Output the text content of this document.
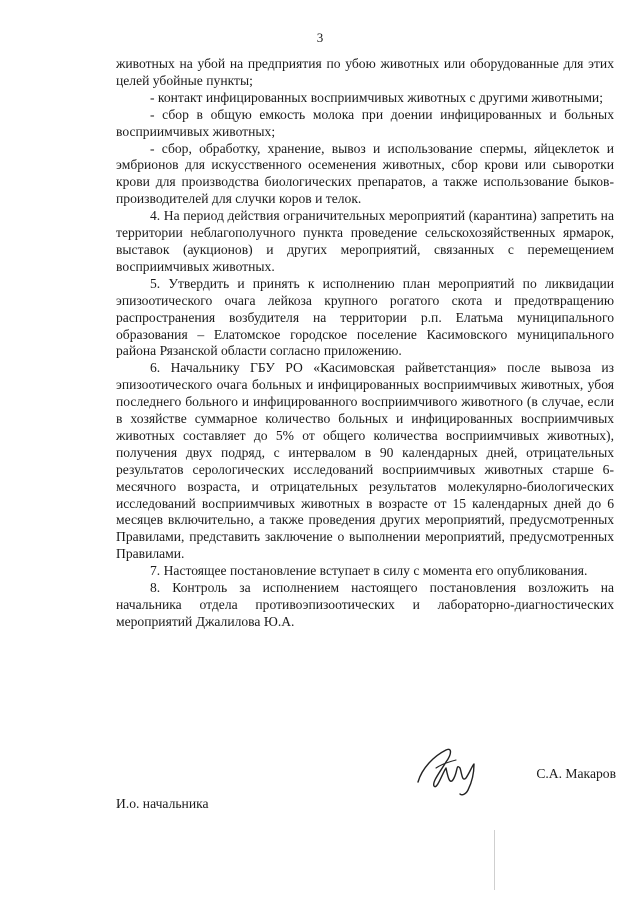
3

животных на убой на предприятия по убою животных или оборудованные для этих целей убойные пункты;

- контакт инфицированных восприимчивых животных с другими животными;

- сбор в общую емкость молока при доении инфицированных и больных восприимчивых животных;

- сбор, обработку, хранение, вывоз и использование спермы, яйцеклеток и эмбрионов для искусственного осеменения животных, сбор крови или сыворотки крови для производства биологических препаратов, а также использование быков-производителей для случки коров и телок.

4. На период действия ограничительных мероприятий (карантина) запретить на территории неблагополучного пункта проведение сельскохозяйственных ярмарок, выставок (аукционов) и других мероприятий, связанных с перемещением восприимчивых животных.

5. Утвердить и принять к исполнению план мероприятий по ликвидации эпизоотического очага лейкоза крупного рогатого скота и предотвращению распространения возбудителя на территории р.п. Елатьма муниципального образования – Елатомское городское поселение Касимовского муниципального района Рязанской области согласно приложению.

6. Начальнику ГБУ РО «Касимовская райветстанция» после вывоза из эпизоотического очага больных и инфицированных восприимчивых животных, убоя последнего больного и инфицированного восприимчивого животного (в случае, если в хозяйстве суммарное количество больных и инфицированных восприимчивых животных составляет до 5% от общего количества восприимчивых животных), получения двух подряд, с интервалом в 90 календарных дней, отрицательных результатов серологических исследований восприимчивых животных старше 6-месячного возраста, и отрицательных результатов молекулярно-биологических исследований восприимчивых животных в возрасте от 15 календарных дней до 6 месяцев включительно, а также проведения других мероприятий, предусмотренных Правилами, представить заключение о выполнении мероприятий, предусмотренных Правилами.

7. Настоящее постановление вступает в силу с момента его опубликования.

8. Контроль за исполнением настоящего постановления возложить на начальника отдела противоэпизоотических и лабораторно-диагностических мероприятий Джалилова Ю.А.

И.о. начальника
С.А. Макаров
